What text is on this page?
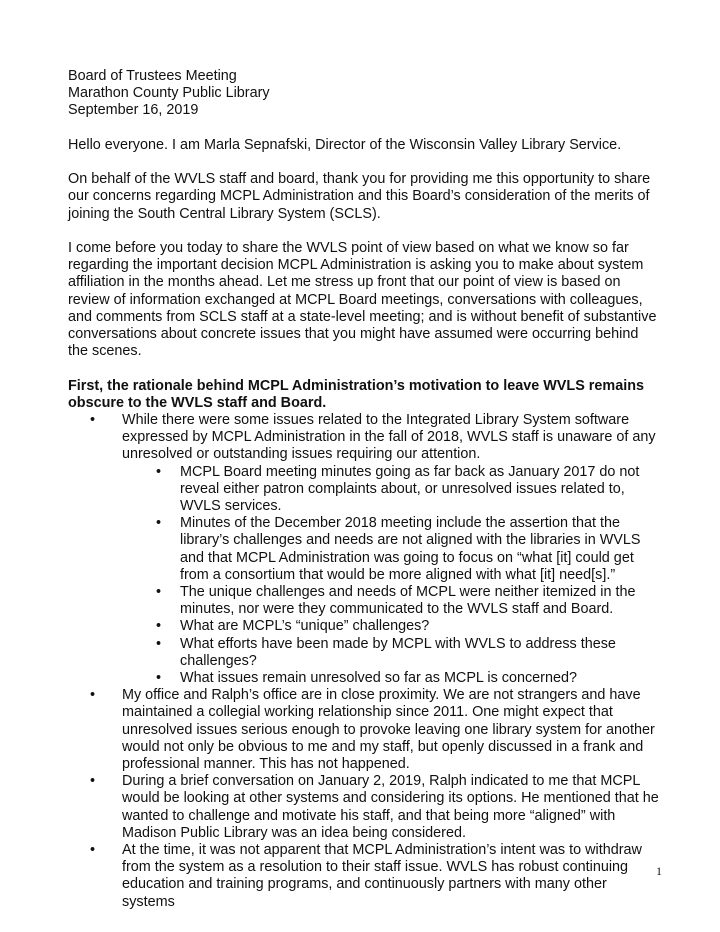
Board of Trustees Meeting

Marathon County Public Library

September 16, 2019

Hello everyone. I am Marla Sepnafski, Director of the Wisconsin Valley Library Service.

On behalf of the WVLS staff and board, thank you for providing me this opportunity to share our concerns regarding MCPL Administration and this Board’s consideration of the merits of joining the South Central Library System (SCLS).

I come before you today to share the WVLS point of view based on what we know so far regarding the important decision MCPL Administration is asking you to make about system affiliation in the months ahead. Let me stress up front that our point of view is based on review of information exchanged at MCPL Board meetings, conversations with colleagues, and comments from SCLS staff at a state-level meeting; and is without benefit of substantive conversations about concrete issues that you might have assumed were occurring behind the scenes.

First, the rationale behind MCPL Administration’s motivation to leave WVLS remains obscure to the WVLS staff and Board.

• While there were some issues related to the Integrated Library System software expressed by MCPL Administration in the fall of 2018, WVLS staff is unaware of any unresolved or outstanding issues requiring our attention.
• MCPL Board meeting minutes going as far back as January 2017 do not reveal either patron complaints about, or unresolved issues related to, WVLS services.
• Minutes of the December 2018 meeting include the assertion that the library’s challenges and needs are not aligned with the libraries in WVLS and that MCPL Administration was going to focus on “what [it] could get from a consortium that would be more aligned with what [it] need[s].”
• The unique challenges and needs of MCPL were neither itemized in the minutes, nor were they communicated to the WVLS staff and Board.
• What are MCPL’s “unique” challenges?
• What efforts have been made by MCPL with WVLS to address these challenges?
• What issues remain unresolved so far as MCPL is concerned?
• My office and Ralph’s office are in close proximity. We are not strangers and have maintained a collegial working relationship since 2011. One might expect that unresolved issues serious enough to provoke leaving one library system for another would not only be obvious to me and my staff, but openly discussed in a frank and professional manner. This has not happened.
• During a brief conversation on January 2, 2019, Ralph indicated to me that MCPL would be looking at other systems and considering its options. He mentioned that he wanted to challenge and motivate his staff, and that being more “aligned” with Madison Public Library was an idea being considered.
• At the time, it was not apparent that MCPL Administration’s intent was to withdraw from the system as a resolution to their staff issue. WVLS has robust continuing education and training programs, and continuously partners with many other systems
1
